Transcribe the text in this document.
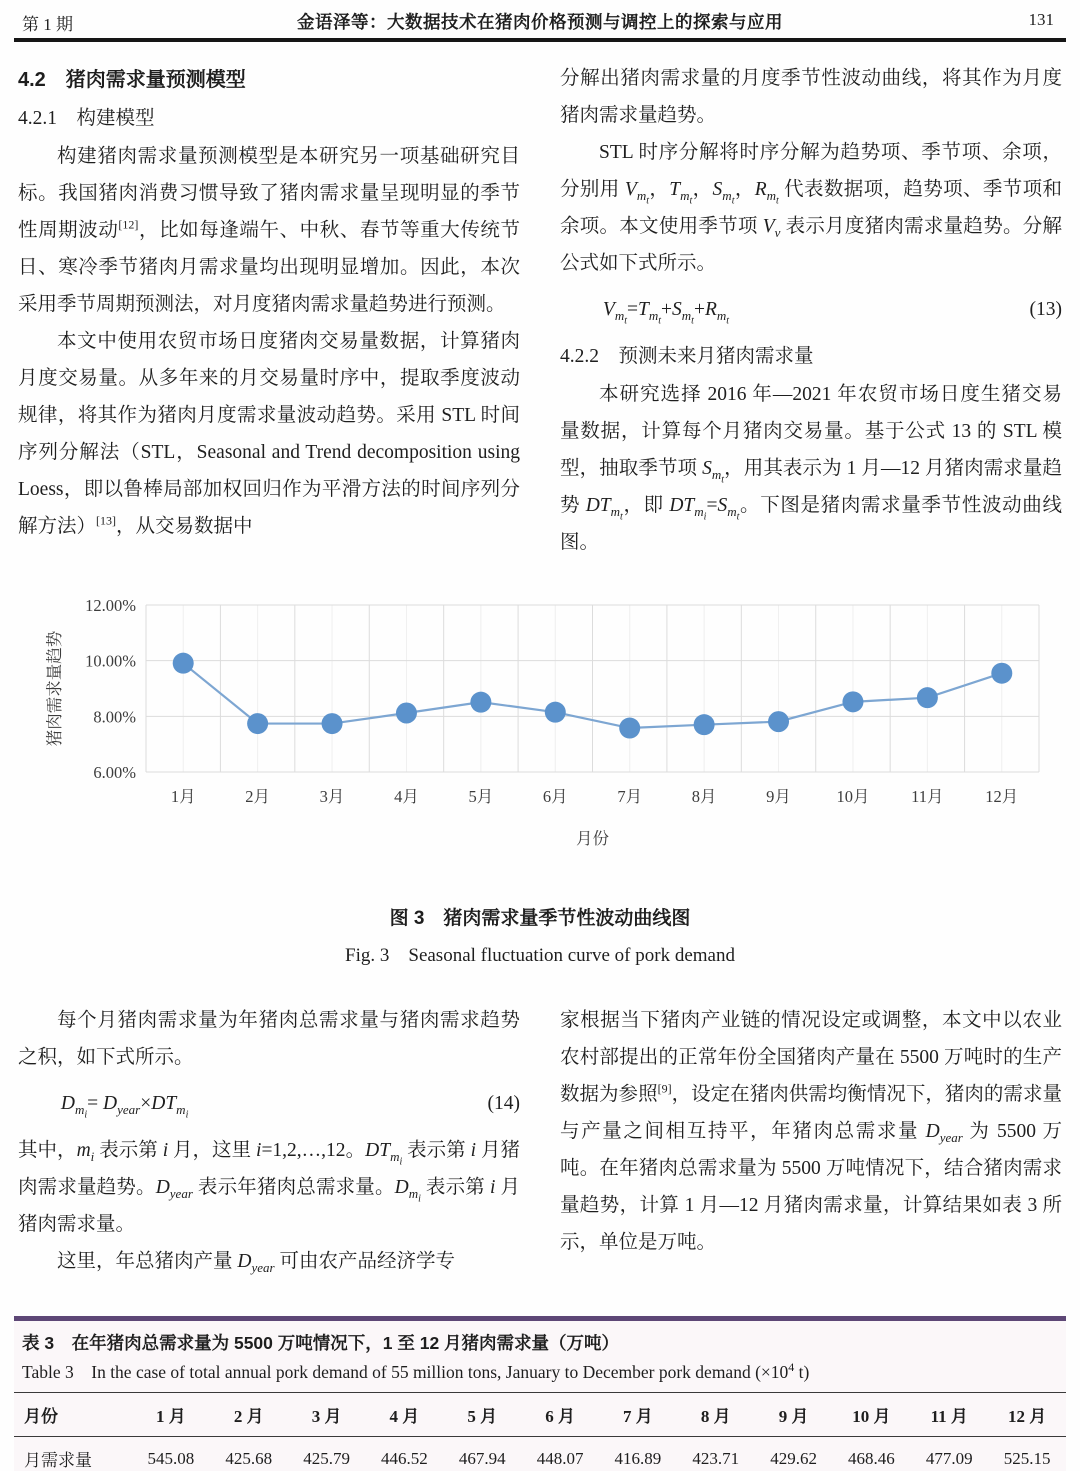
第 1 期	金语泽等：大数据技术在猪肉价格预测与调控上的探索与应用	131
4.2　猪肉需求量预测模型
4.2.1　构建模型

构建猪肉需求量预测模型是本研究另一项基础研究目标。我国猪肉消费习惯导致了猪肉需求量呈现明显的季节性周期波动[12]，比如每逢端午、中秋、春节等重大传统节日、寒冷季节猪肉月需求量均出现明显增加。因此，本次采用季节周期预测法，对月度猪肉需求量趋势进行预测。

本文中使用农贸市场日度猪肉交易量数据，计算猪肉月度交易量。从多年来的月交易量时序中，提取季度波动规律，将其作为猪肉月度需求量波动趋势。采用 STL 时间序列分解法（STL，Seasonal and Trend decomposition using Loess，即以鲁棒局部加权回归作为平滑方法的时间序列分解方法）[13]，从交易数据中

分解出猪肉需求量的月度季节性波动曲线，将其作为月度猪肉需求量趋势。

STL 时序分解将时序分解为趋势项、季节项、余项，分别用 $V_{m_t}$，$T_{m_t}$，$S_{m_t}$，$R_{m_t}$ 代表数据项，趋势项、季节项和余项。本文使用季节项 $V_v$ 表示月度猪肉需求量趋势。分解公式如下式所示。

$V_{m_t}=T_{m_t}+S_{m_t}+R_{m_t}$
(13)
4.2.2　预测未来月猪肉需求量

本研究选择 2016 年—2021 年农贸市场日度生猪交易量数据，计算每个月猪肉交易量。基于公式 13 的 STL 模型，抽取季节项 $S_{m_t}$，用其表示为 1 月—12 月猪肉需求量趋势 $DT_{m_t}$，即 $DT_{m_i}=S_{m_t}$。下图是猪肉需求量季节性波动曲线图。

12.00%
10.00%
8.00%
6.00%
1月	2月	3月	4月	5月	6月	7月	8月	9月	10月	11月	12月
月份
猪肉需求量趋势
图 3　猪肉需求量季节性波动曲线图
Fig. 3　Seasonal fluctuation curve of pork demand

每个月猪肉需求量为年猪肉总需求量与猪肉需求趋势之积，如下式所示。

$D_{m_i}= D_{year}\times DT_{m_i}$
(14)

其中，$m_i$ 表示第 i 月，这里 i=1,2,…,12。$DT_{m_i}$ 表示第 i 月猪肉需求量趋势。$D_{year}$ 表示年猪肉总需求量。$D_{m_i}$ 表示第 i 月猪肉需求量。

这里，年总猪肉产量 $D_{year}$ 可由农产品经济学专

家根据当下猪肉产业链的情况设定或调整，本文中以农业农村部提出的正常年份全国猪肉产量在 5500 万吨时的生产数据为参照[9]，设定在猪肉供需均衡情况下，猪肉的需求量与产量之间相互持平，年猪肉总需求量 $D_{year}$ 为 5500 万吨。在年猪肉总需求量为 5500 万吨情况下，结合猪肉需求量趋势，计算 1 月—12 月猪肉需求量，计算结果如表 3 所示，单位是万吨。

表 3　在年猪肉总需求量为 5500 万吨情况下，1 至 12 月猪肉需求量（万吨）
Table 3　In the case of total annual pork demand of 55 million tons, January to December pork demand ($\times 10^4$ t)
月份	1 月	2 月	3 月	4 月	5 月	6 月	7 月	8 月	9 月	10 月	11 月	12 月
月需求量	545.08	425.68	425.79	446.52	467.94	448.07	416.89	423.71	429.62	468.46	477.09	525.15
